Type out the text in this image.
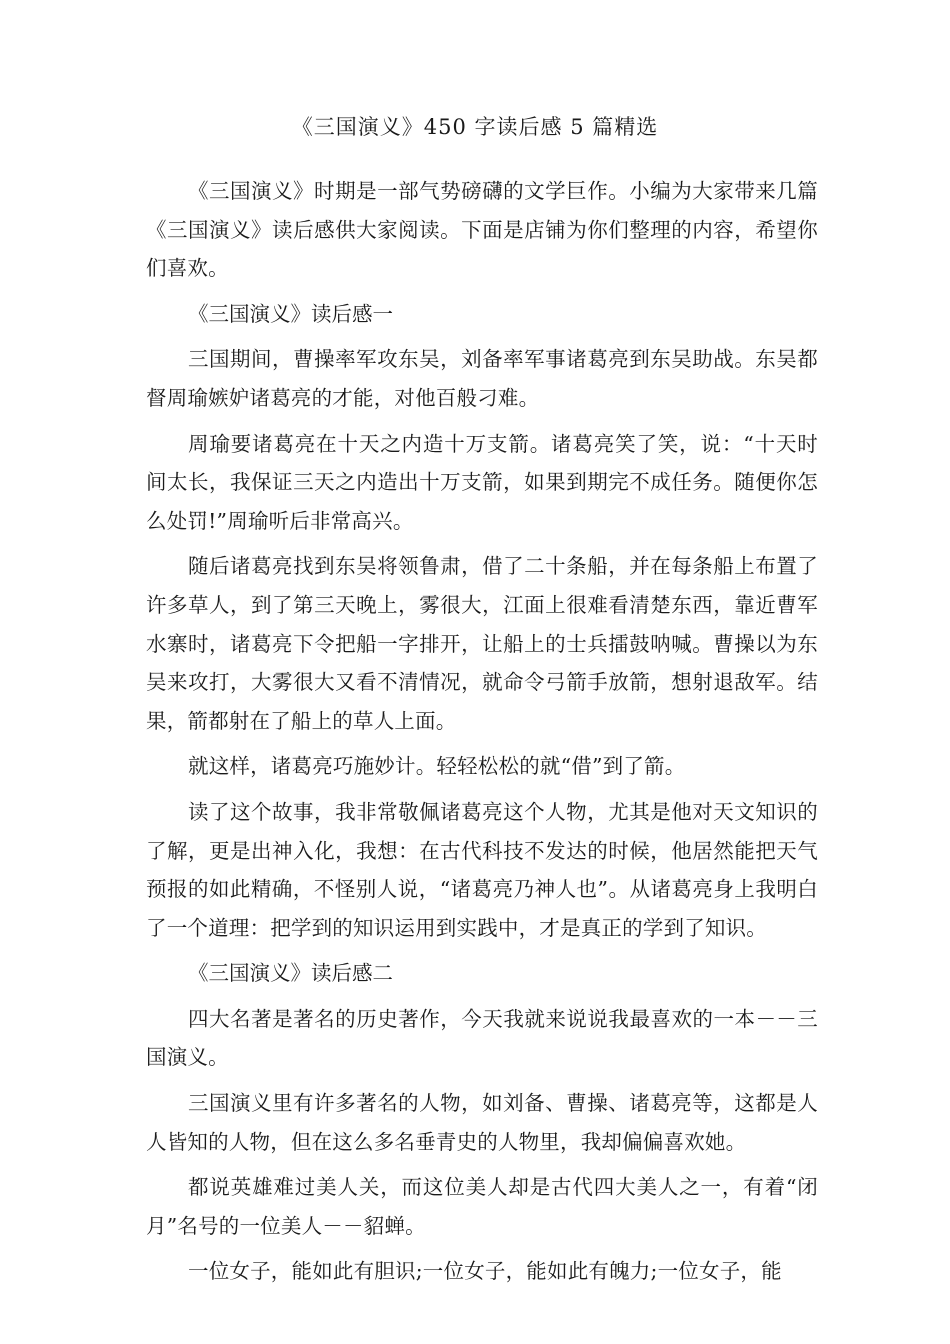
《三国演义》450 字读后感 5 篇精选

《三国演义》时期是一部气势磅礴的文学巨作。小编为大家带来几篇《三国演义》读后感供大家阅读。下面是店铺为你们整理的内容，希望你们喜欢。

《三国演义》读后感一

三国期间，曹操率军攻东吴，刘备率军事诸葛亮到东吴助战。东吴都督周瑜嫉妒诸葛亮的才能，对他百般刁难。

周瑜要诸葛亮在十天之内造十万支箭。诸葛亮笑了笑，说：“十天时间太长，我保证三天之内造出十万支箭，如果到期完不成任务。随便你怎么处罚!”周瑜听后非常高兴。

随后诸葛亮找到东吴将领鲁肃，借了二十条船，并在每条船上布置了许多草人，到了第三天晚上，雾很大，江面上很难看清楚东西，靠近曹军水寨时，诸葛亮下令把船一字排开，让船上的士兵擂鼓呐喊。曹操以为东吴来攻打，大雾很大又看不清情况，就命令弓箭手放箭，想射退敌军。结果，箭都射在了船上的草人上面。

就这样，诸葛亮巧施妙计。轻轻松松的就“借”到了箭。

读了这个故事，我非常敬佩诸葛亮这个人物，尤其是他对天文知识的了解，更是出神入化，我想：在古代科技不发达的时候，他居然能把天气预报的如此精确，不怪别人说，“诸葛亮乃神人也”。从诸葛亮身上我明白了一个道理：把学到的知识运用到实践中，才是真正的学到了知识。

《三国演义》读后感二

四大名著是著名的历史著作，今天我就来说说我最喜欢的一本－－三国演义。

三国演义里有许多著名的人物，如刘备、曹操、诸葛亮等，这都是人人皆知的人物，但在这么多名垂青史的人物里，我却偏偏喜欢她。

都说英雄难过美人关，而这位美人却是古代四大美人之一，有着“闭月”名号的一位美人－－貂蝉。

一位女子，能如此有胆识;一位女子，能如此有魄力;一位女子，能
